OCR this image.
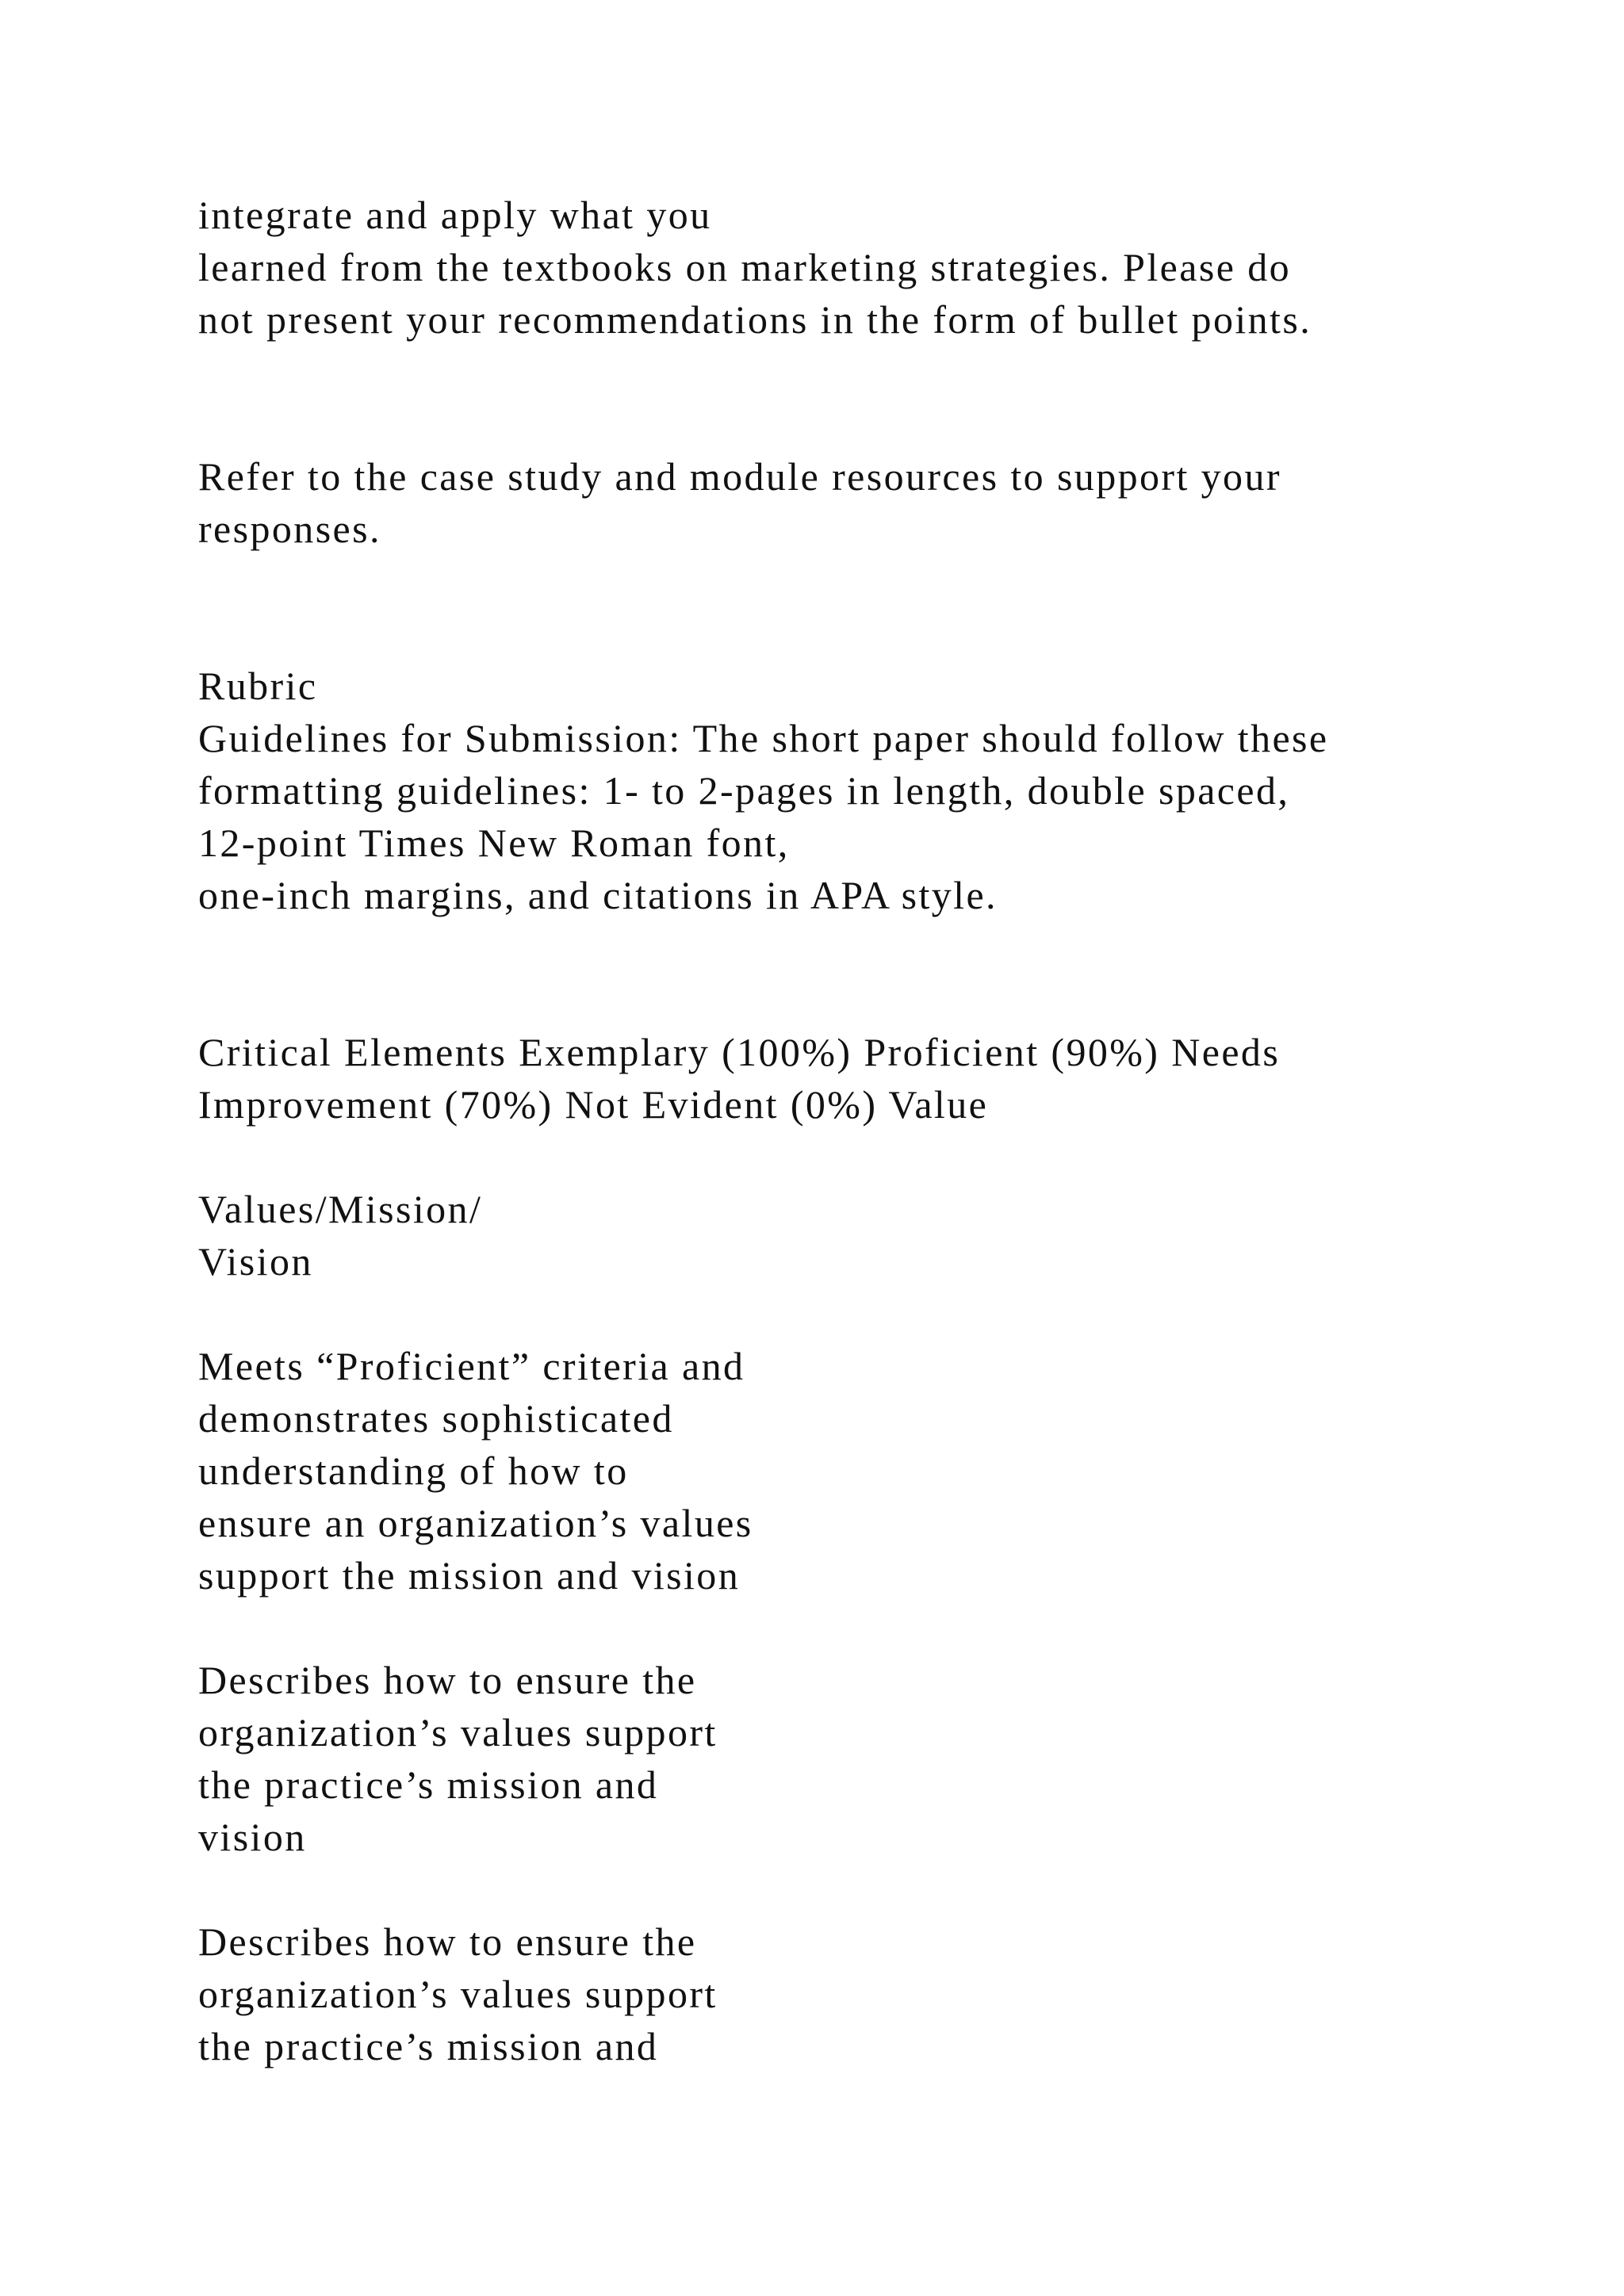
integrate and apply what you
learned from the textbooks on marketing strategies. Please do
not present your recommendations in the form of bullet points.
Refer to the case study and module resources to support your
responses.
Rubric
Guidelines for Submission: The short paper should follow these
formatting guidelines: 1- to 2-pages in length, double spaced,
12-point Times New Roman font,
one-inch margins, and citations in APA style.
Critical Elements Exemplary (100%) Proficient (90%) Needs
Improvement (70%) Not Evident (0%) Value
Values/Mission/
Vision
Meets “Proficient” criteria and
demonstrates sophisticated
understanding of how to
ensure an organization’s values
support the mission and vision
Describes how to ensure the
organization’s values support
the practice’s mission and
vision
Describes how to ensure the
organization’s values support
the practice’s mission and
